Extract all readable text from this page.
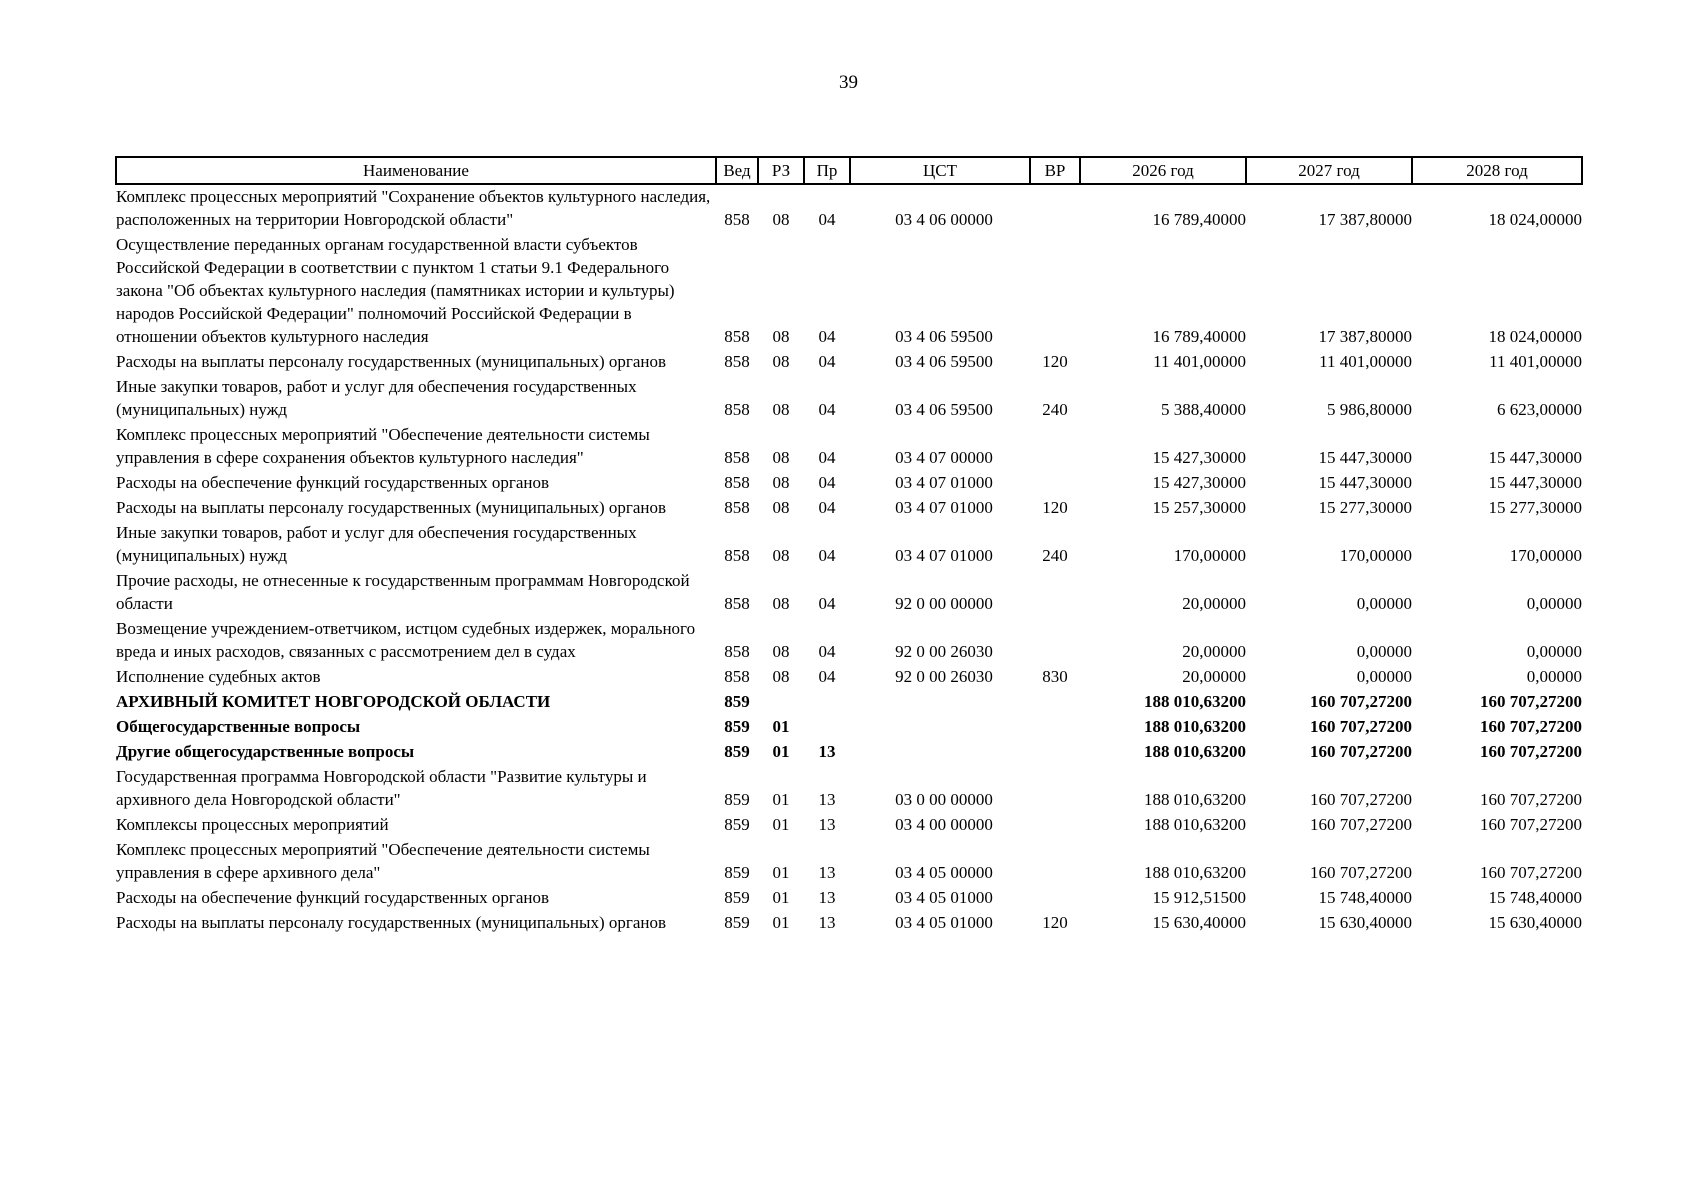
39
Наименование	Вед	РЗ	Пр	ЦСТ	ВР	2026 год	2027 год	2028 год
Комплекс процессных мероприятий "Сохранение объектов культурного наследия, расположенных на территории Новгородской области"	858	08	04	03 4 06 00000		16 789,40000	17 387,80000	18 024,00000
Осуществление переданных органам государственной власти субъектов Российской Федерации в соответствии с пунктом 1 статьи 9.1 Федерального закона "Об объектах культурного наследия (памятниках истории и культуры) народов Российской Федерации" полномочий Российской Федерации в отношении объектов культурного наследия	858	08	04	03 4 06 59500		16 789,40000	17 387,80000	18 024,00000
Расходы на выплаты персоналу государственных (муниципальных) органов	858	08	04	03 4 06 59500	120	11 401,00000	11 401,00000	11 401,00000
Иные закупки товаров, работ и услуг для обеспечения государственных (муниципальных) нужд	858	08	04	03 4 06 59500	240	5 388,40000	5 986,80000	6 623,00000
Комплекс процессных мероприятий "Обеспечение деятельности системы управления в сфере сохранения объектов культурного наследия"	858	08	04	03 4 07 00000		15 427,30000	15 447,30000	15 447,30000
Расходы на обеспечение функций государственных органов	858	08	04	03 4 07 01000		15 427,30000	15 447,30000	15 447,30000
Расходы на выплаты персоналу государственных (муниципальных) органов	858	08	04	03 4 07 01000	120	15 257,30000	15 277,30000	15 277,30000
Иные закупки товаров, работ и услуг для обеспечения государственных (муниципальных) нужд	858	08	04	03 4 07 01000	240	170,00000	170,00000	170,00000
Прочие расходы, не отнесенные к государственным программам Новгородской области	858	08	04	92 0 00 00000		20,00000	0,00000	0,00000
Возмещение учреждением-ответчиком, истцом судебных издержек, морального вреда и иных расходов, связанных с рассмотрением дел в судах	858	08	04	92 0 00 26030		20,00000	0,00000	0,00000
Исполнение судебных актов	858	08	04	92 0 00 26030	830	20,00000	0,00000	0,00000
АРХИВНЫЙ КОМИТЕТ НОВГОРОДСКОЙ ОБЛАСТИ	859					188 010,63200	160 707,27200	160 707,27200
Общегосударственные вопросы	859	01				188 010,63200	160 707,27200	160 707,27200
Другие общегосударственные вопросы	859	01	13			188 010,63200	160 707,27200	160 707,27200
Государственная программа Новгородской области "Развитие культуры и архивного дела Новгородской области"	859	01	13	03 0 00 00000		188 010,63200	160 707,27200	160 707,27200
Комплексы процессных мероприятий	859	01	13	03 4 00 00000		188 010,63200	160 707,27200	160 707,27200
Комплекс процессных мероприятий "Обеспечение деятельности системы управления в сфере архивного дела"	859	01	13	03 4 05 00000		188 010,63200	160 707,27200	160 707,27200
Расходы на обеспечение функций государственных органов	859	01	13	03 4 05 01000		15 912,51500	15 748,40000	15 748,40000
Расходы на выплаты персоналу государственных (муниципальных) органов	859	01	13	03 4 05 01000	120	15 630,40000	15 630,40000	15 630,40000
